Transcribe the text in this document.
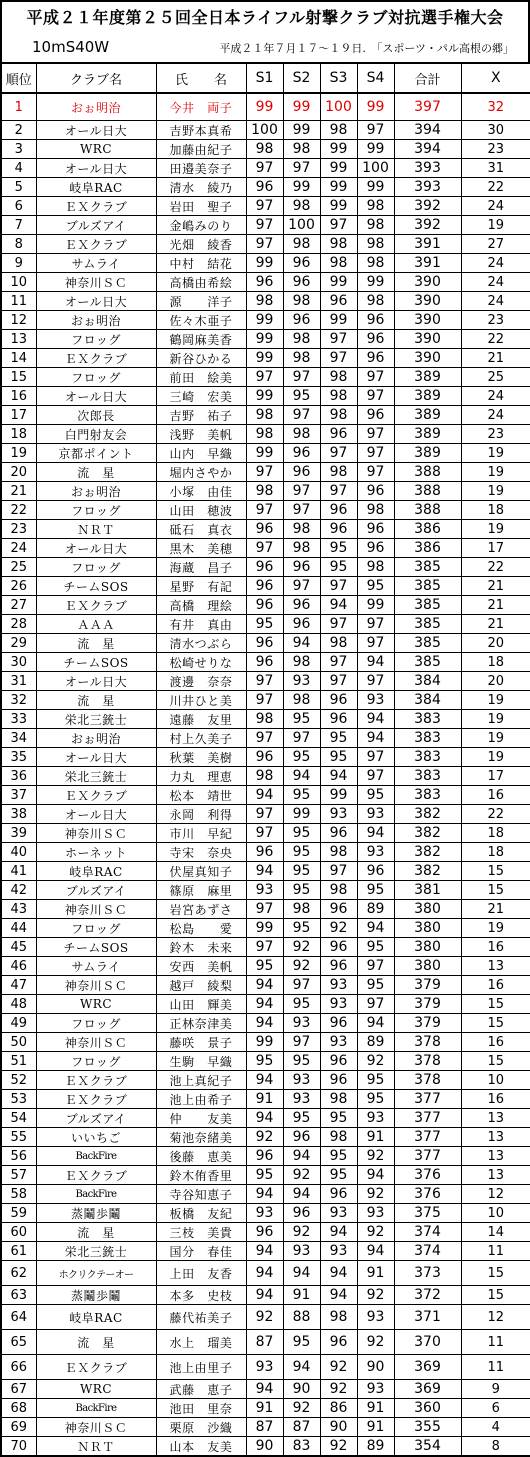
平成２１年度第２５回全日本ライフル射撃クラブ対抗選手権大会
10mS40W	平成２１年７月１７～１９日.　「スポーツ・パル高根の郷」
順位	クラブ名	氏　　名	S1	S2	S3	S4	合計	X
1	おぉ明治	今井　両子	99	99	100	99	397	32
2	オール日大	吉野本真希	100	99	98	97	394	30
3	WRC	加藤由紀子	98	98	99	99	394	23
4	オール日大	田邉美奈子	97	97	99	100	393	31
5	岐阜RAC	清水　綾乃	96	99	99	99	393	22
6	ＥＸクラブ	岩田　聖子	97	98	99	98	392	24
7	ブルズアイ	金嶋みのり	97	100	97	98	392	19
8	ＥＸクラブ	光畑　綾香	97	98	98	98	391	27
9	サムライ	中村　結花	99	96	98	98	391	24
10	神奈川ＳＣ	高橋由希絵	96	96	99	99	390	24
11	オール日大	源　　洋子	98	98	96	98	390	24
12	おぉ明治	佐々木亜子	99	96	99	96	390	23
13	フロッグ	鶴岡麻美香	99	98	97	96	390	22
14	ＥＸクラブ	新谷ひかる	99	98	97	96	390	21
15	フロッグ	前田　絵美	97	97	98	97	389	25
16	オール日大	三崎　宏美	99	95	98	97	389	24
17	次郎長	吉野　祐子	98	97	98	96	389	24
18	白門射友会	浅野　美帆	98	98	96	97	389	23
19	京都ポイント	山内　早織	99	96	97	97	389	19
20	流　星	堀内さやか	97	96	98	97	388	19
21	おぉ明治	小塚　由佳	98	97	97	96	388	19
22	フロッグ	山田　穂波	97	97	96	98	388	18
23	ＮＲＴ	砥石　真衣	96	98	96	96	386	19
24	オール日大	黒木　美穂	97	98	95	96	386	17
25	フロッグ	海蔵　昌子	96	96	95	98	385	22
26	チームSOS	星野　有記	96	97	97	95	385	21
27	ＥＸクラブ	高橋　理絵	96	96	94	99	385	21
28	ＡＡＡ	有井　真由	95	96	97	97	385	21
29	流　星	清水つぶら	96	94	98	97	385	20
30	チームSOS	松崎せりな	96	98	97	94	385	18
31	オール日大	渡邊　奈奈	97	93	97	97	384	20
32	流　星	川井ひと美	97	98	96	93	384	19
33	栄北三銃士	遠藤　友里	98	95	96	94	383	19
34	おぉ明治	村上久美子	97	97	95	94	383	19
35	オール日大	秋葉　美樹	96	95	95	97	383	19
36	栄北三銃士	力丸　理恵	98	94	94	97	383	17
37	ＥＸクラブ	松本　靖世	94	95	99	95	383	16
38	オール日大	永岡　利得	97	99	93	93	382	22
39	神奈川ＳＣ	市川　早紀	97	95	96	94	382	18
40	ホーネット	寺宋　奈央	96	95	98	93	382	18
41	岐阜RAC	伏屋真知子	94	95	97	96	382	15
42	ブルズアイ	篠原　麻里	93	95	98	95	381	15
43	神奈川ＳＣ	岩宮あずさ	97	98	96	89	380	21
44	フロッグ	松島　　愛	99	95	92	94	380	19
45	チームSOS	鈴木　未来	97	92	96	95	380	16
46	サムライ	安西　美帆	95	92	96	97	380	13
47	神奈川ＳＣ	越戸　綾梨	94	97	93	95	379	16
48	WRC	山田　輝美	94	95	93	97	379	15
49	フロッグ	正林奈津美	94	93	96	94	379	15
50	神奈川ＳＣ	藤咲　景子	99	97	93	89	378	16
51	フロッグ	生駒　早織	95	95	96	92	378	15
52	ＥＸクラブ	池上真紀子	94	93	96	95	378	10
53	ＥＸクラブ	池上由希子	91	93	98	95	377	16
54	ブルズアイ	仲　　友美	94	95	95	93	377	13
55	いいちご	菊池奈緒美	92	96	98	91	377	13
56	BackFire	後藤　恵美	96	94	95	92	377	13
57	ＥＸクラブ	鈴木侑香里	95	92	95	94	376	13
58	BackFire	寺谷知恵子	94	94	96	92	376	12
59	蒸鬮歩鬮	板橋　友紀	93	96	93	93	375	10
60	流　星	三枝　美貴	96	92	94	92	374	14
61	栄北三銃士	国分　春佳	94	93	93	94	374	11
62	ホクリクテーオー	上田　友香	94	94	94	91	373	15
63	蒸鬮歩鬮	本多　史枝	94	91	94	92	372	15
64	岐阜RAC	藤代祐美子	92	88	98	93	371	12
65	流　星	水上　瑠美	87	95	96	92	370	11
66	ＥＸクラブ	池上由里子	93	94	92	90	369	11
67	WRC	武藤　恵子	94	90	92	93	369	9
68	BackFire	池田　里奈	91	92	86	91	360	6
69	神奈川ＳＣ	栗原　沙織	87	87	90	91	355	4
70	ＮＲＴ	山本　友美	90	83	92	89	354	8
